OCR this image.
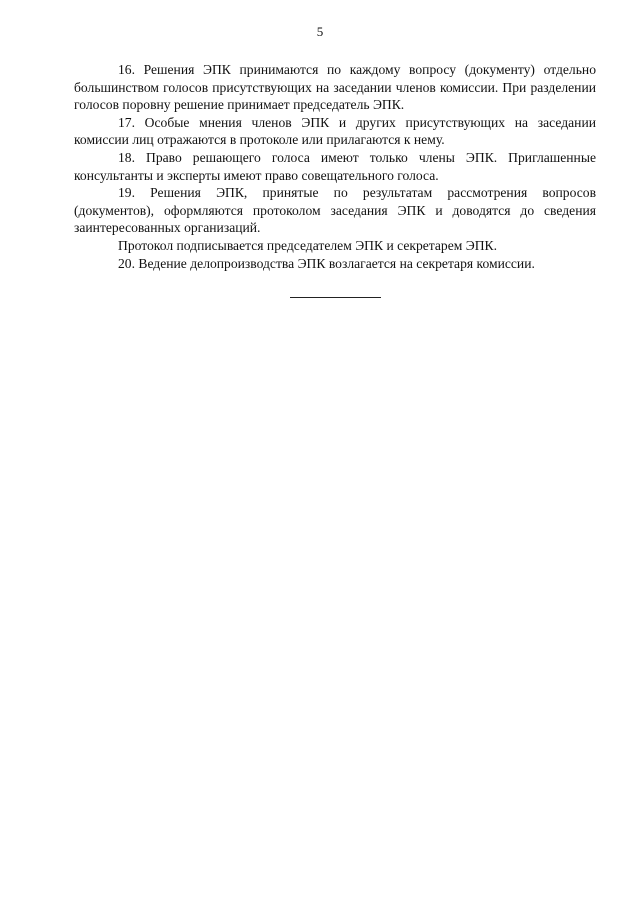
5

16. Решения ЭПК принимаются по каждому вопросу (документу) отдельно большинством голосов присутствующих на заседании членов комиссии. При разделении голосов поровну решение принимает председатель ЭПК.

17. Особые мнения членов ЭПК и других присутствующих на заседании комиссии лиц отражаются в протоколе или прилагаются к нему.

18. Право решающего голоса имеют только члены ЭПК. Приглашенные консультанты и эксперты имеют право совещательного голоса.

19. Решения ЭПК, принятые по результатам рассмотрения вопросов (документов), оформляются протоколом заседания ЭПК и доводятся до сведения заинтересованных организаций.

Протокол подписывается председателем ЭПК и секретарем ЭПК.

20. Ведение делопроизводства ЭПК возлагается на секретаря комиссии.
